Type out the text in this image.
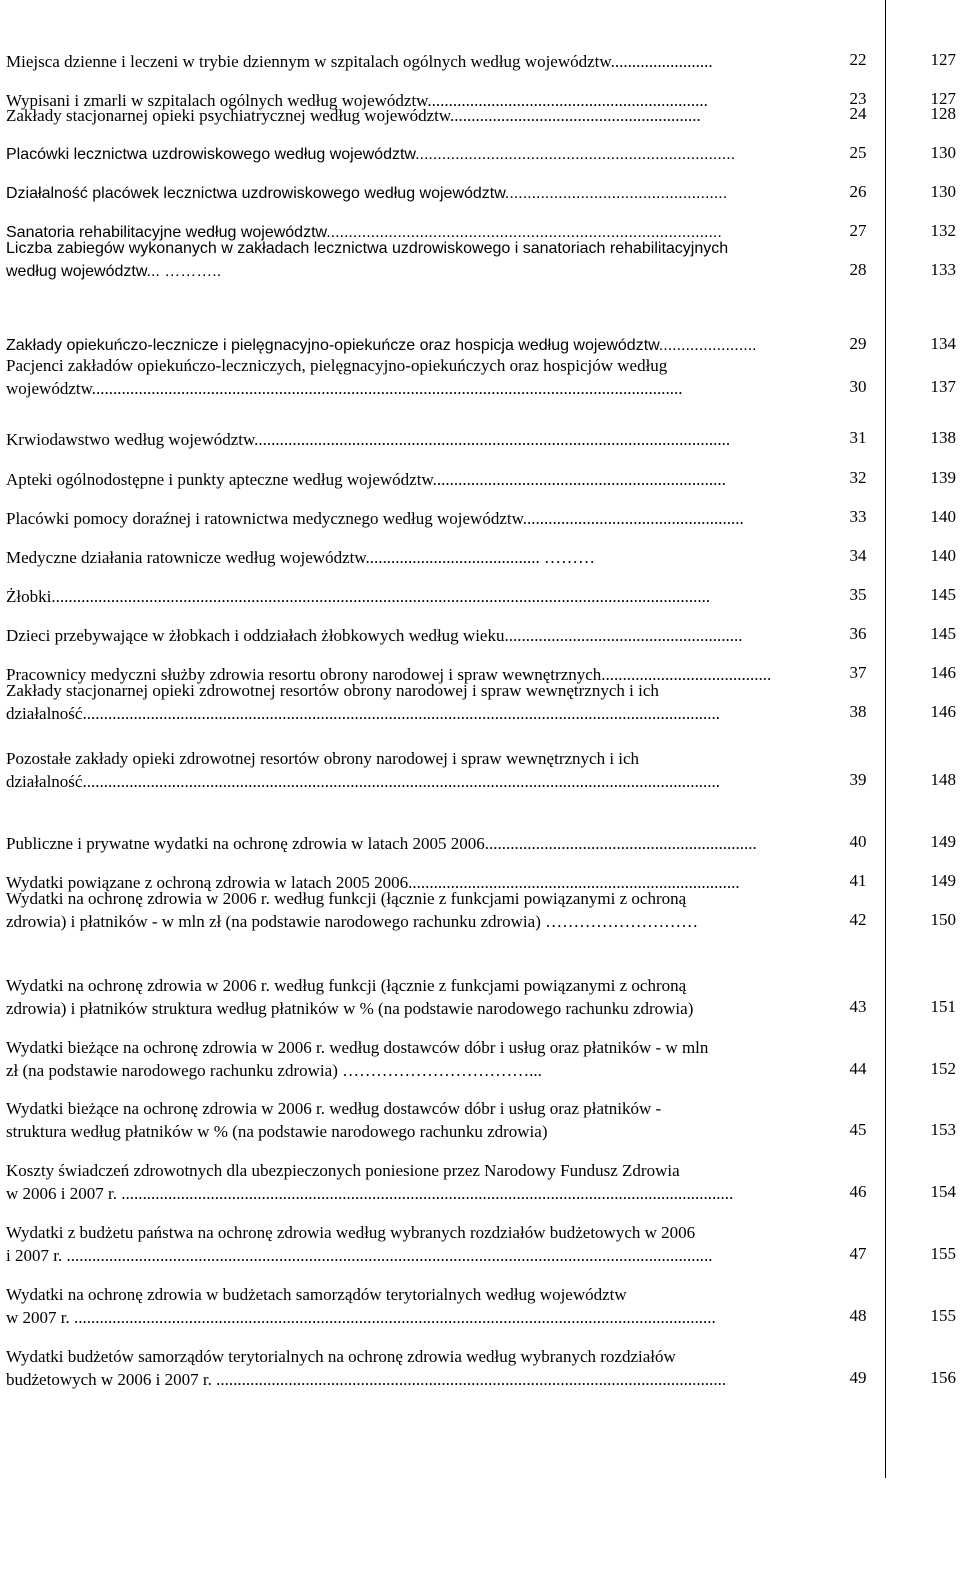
Miejsca dzienne i leczeni w trybie dziennym w szpitalach ogólnych według województw........................	22	127
Wypisani i zmarli w szpitalach ogólnych według województw..................................................................	23	127
Zakłady stacjonarnej opieki psychiatrycznej według województw...........................................................	24	128
Placówki lecznictwa uzdrowiskowego według województw........................................................................	25	130
Działalność placówek lecznictwa uzdrowiskowego według województw..................................................	26	130
Sanatoria rehabilitacyjne według województw.........................................................................................	27	132
Liczba zabiegów wykonanych w zakładach lecznictwa uzdrowiskowego i sanatoriach rehabilitacyjnych
według województw... ………..	28	133
Zakłady opiekuńczo-lecznicze i pielęgnacyjno-opiekuńcze oraz hospicja według województw......................	29	134
Pacjenci zakładów opiekuńczo-leczniczych, pielęgnacyjno-opiekuńczych oraz hospicjów według
województw...........................................................................................................................................	30	137
Krwiodawstwo według województw................................................................................................................	31	138
Apteki ogólnodostępne i punkty apteczne według województw.....................................................................	32	139
Placówki pomocy doraźnej i ratownictwa medycznego według województw....................................................	33	140
Medyczne działania ratownicze według województw......................................... ………	34	140
Żłobki...........................................................................................................................................................	35	145
Dzieci przebywające w żłobkach i oddziałach żłobkowych według wieku........................................................	36	145
Pracownicy medyczni służby zdrowia resortu obrony narodowej i spraw wewnętrznych........................................	37	146
Zakłady stacjonarnej opieki zdrowotnej resortów obrony narodowej i spraw wewnętrznych i ich
działalność......................................................................................................................................................	38	146
Pozostałe zakłady opieki zdrowotnej resortów obrony narodowej i spraw wewnętrznych i ich
działalność......................................................................................................................................................	39	148
Publiczne i prywatne wydatki na ochronę zdrowia w latach 2005 2006................................................................	40	149
Wydatki powiązane z ochroną zdrowia w latach 2005 2006..............................................................................	41	149
Wydatki na ochronę zdrowia w 2006 r. według funkcji (łącznie z funkcjami powiązanymi z ochroną
zdrowia) i płatników - w mln zł (na podstawie narodowego rachunku zdrowia) ………………………	42	150
Wydatki na ochronę zdrowia w 2006 r. według funkcji (łącznie z funkcjami powiązanymi z ochroną
zdrowia) i płatników struktura według płatników w % (na podstawie narodowego rachunku zdrowia)	43	151
Wydatki bieżące na ochronę zdrowia w 2006 r. według dostawców dóbr i usług oraz płatników - w mln
zł (na podstawie narodowego rachunku zdrowia) ……………………………...	44	152
Wydatki bieżące na ochronę zdrowia w 2006 r. według dostawców dóbr i usług oraz płatników -
struktura według płatników w % (na podstawie narodowego rachunku zdrowia)	45	153
Koszty świadczeń zdrowotnych dla ubezpieczonych poniesione przez Narodowy Fundusz Zdrowia
w 2006 i 2007 r. ................................................................................................................................................	46	154
Wydatki z budżetu państwa na ochronę zdrowia według wybranych rozdziałów budżetowych w 2006
i 2007 r. ........................................................................................................................................................	47	155
Wydatki na ochronę zdrowia w budżetach samorządów terytorialnych według województw
w 2007 r. .......................................................................................................................................................	48	155
Wydatki budżetów samorządów terytorialnych na ochronę zdrowia według wybranych rozdziałów
budżetowych w 2006 i 2007 r. ........................................................................................................................	49	156
